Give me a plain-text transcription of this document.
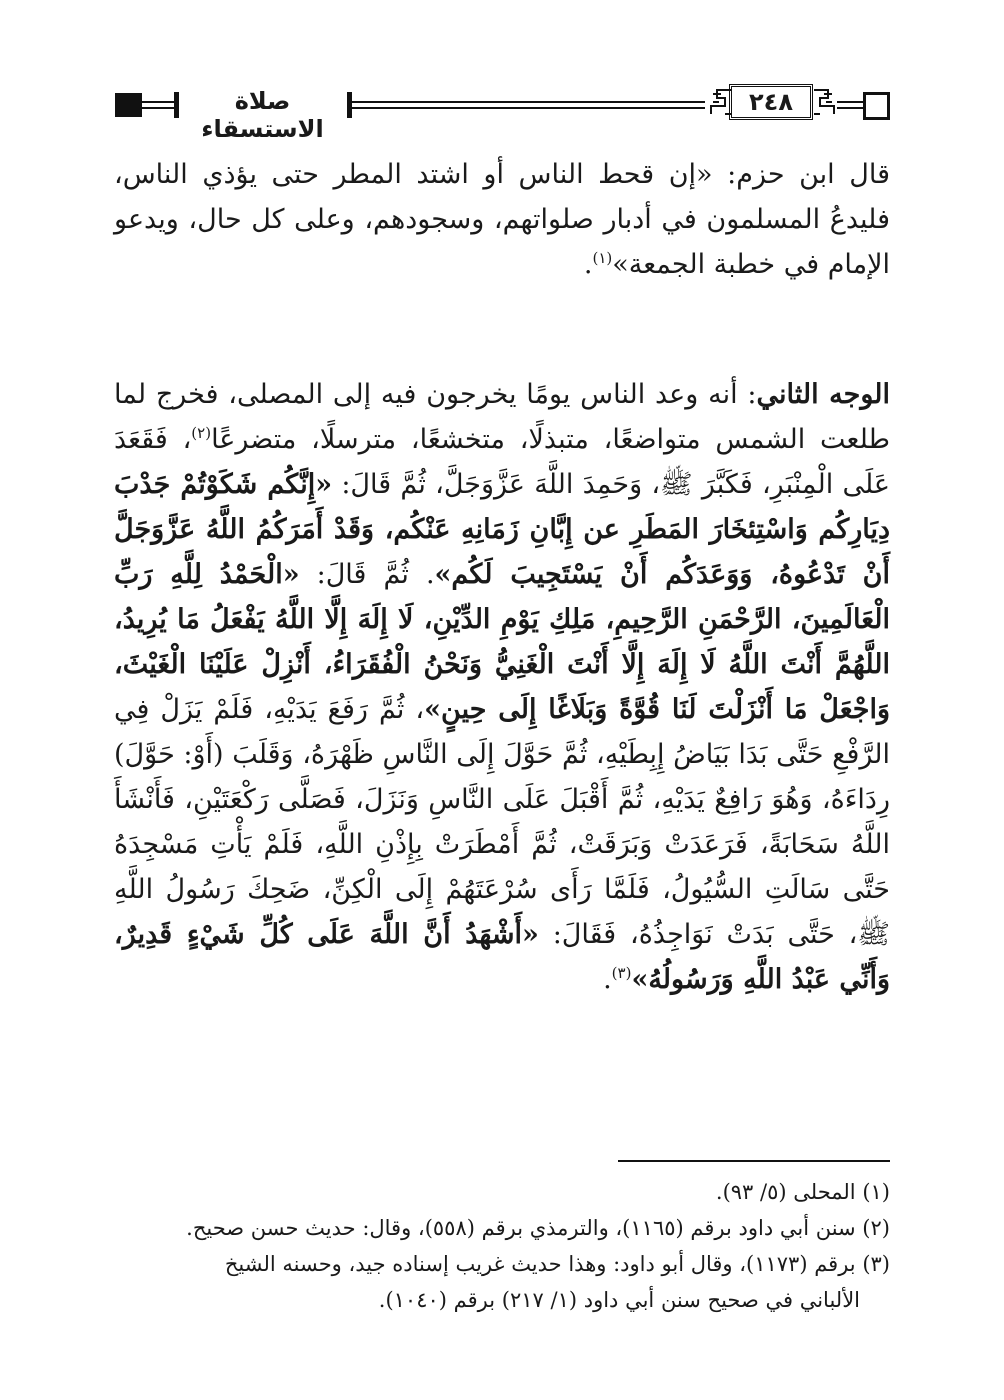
صلاة الاستسقاء
٢٤٨

قال ابن حزم: «إن قحط الناس أو اشتد المطر حتى يؤذي الناس، فليدعُ المسلمون في أدبار صلواتهم، وسجودهم، وعلى كل حال، ويدعو الإمام في خطبة الجمعة»$^{(١)}$.

الوجه الثاني: أنه وعد الناس يومًا يخرجون فيه إلى المصلى، فخرج لما طلعت الشمس متواضعًا، متبذلًا، متخشعًا، مترسلًا، متضرعًا$^{(٢)}$، فَقَعَدَ عَلَى الْمِنْبَرِ، فَكَبَّرَ ﷺ، وَحَمِدَ اللَّهَ عَزَّوَجَلَّ، ثُمَّ قَالَ: «إِنَّكُم شَكَوْتُمْ جَدْبَ دِيَارِكُم وَاسْتِئخَارَ المَطَرِ عن إِبَّانِ زَمَانِهِ عَنْكُم، وَقَدْ أَمَرَكُمُ اللَّهُ عَزَّوَجَلَّ أَنْ تَدْعُوهُ، وَوَعَدَكُم أَنْ يَسْتَجِيبَ لَكُم». ثُمَّ قَالَ: «الْحَمْدُ لِلَّهِ رَبِّ الْعَالَمِينَ، الرَّحْمَنِ الرَّحِيمِ، مَلِكِ يَوْمِ الدِّيْنِ، لَا إِلَهَ إِلَّا اللَّهُ يَفْعَلُ مَا يُرِيدُ، اللَّهُمَّ أَنْتَ اللَّهُ لَا إِلَهَ إِلَّا أَنْتَ الْغَنِيُّ وَنَحْنُ الْفُقَرَاءُ، أَنْزِلْ عَلَيْنَا الْغَيْثَ، وَاجْعَلْ مَا أَنْزَلْتَ لَنَا قُوَّةً وَبَلَاغًا إِلَى حِينٍ»، ثُمَّ رَفَعَ يَدَيْهِ، فَلَمْ يَزَلْ فِي الرَّفْعِ حَتَّى بَدَا بَيَاضُ إِبِطَيْهِ، ثُمَّ حَوَّلَ إِلَى النَّاسِ ظَهْرَهُ، وَقَلَبَ (أَوْ: حَوَّلَ) رِدَاءَهُ، وَهُوَ رَافِعٌ يَدَيْهِ، ثُمَّ أَقْبَلَ عَلَى النَّاسِ وَنَزَلَ، فَصَلَّى رَكْعَتَيْنِ، فَأَنْشَأَ اللَّهُ سَحَابَةً، فَرَعَدَتْ وَبَرَقَتْ، ثُمَّ أَمْطَرَتْ بِإِذْنِ اللَّهِ، فَلَمْ يَأْتِ مَسْجِدَهُ حَتَّى سَالَتِ السُّيُولُ، فَلَمَّا رَأَى سُرْعَتَهُمْ إِلَى الْكِنِّ، ضَحِكَ رَسُولُ اللَّهِ ﷺ، حَتَّى بَدَتْ نَوَاجِذُهُ، فَقَالَ: «أَشْهَدُ أَنَّ اللَّهَ عَلَى كُلِّ شَيْءٍ قَدِيرٌ، وَأَنِّي عَبْدُ اللَّهِ وَرَسُولُهُ»$^{(٣)}$.

(١) المحلى (٥/ ٩٣).

(٢) سنن أبي داود برقم (١١٦٥)، والترمذي برقم (٥٥٨)، وقال: حديث حسن صحيح.

(٣) برقم (١١٧٣)، وقال أبو داود: وهذا حديث غريب إسناده جيد، وحسنه الشيخ

الألباني في صحيح سنن أبي داود (١/ ٢١٧) برقم (١٠٤٠).
